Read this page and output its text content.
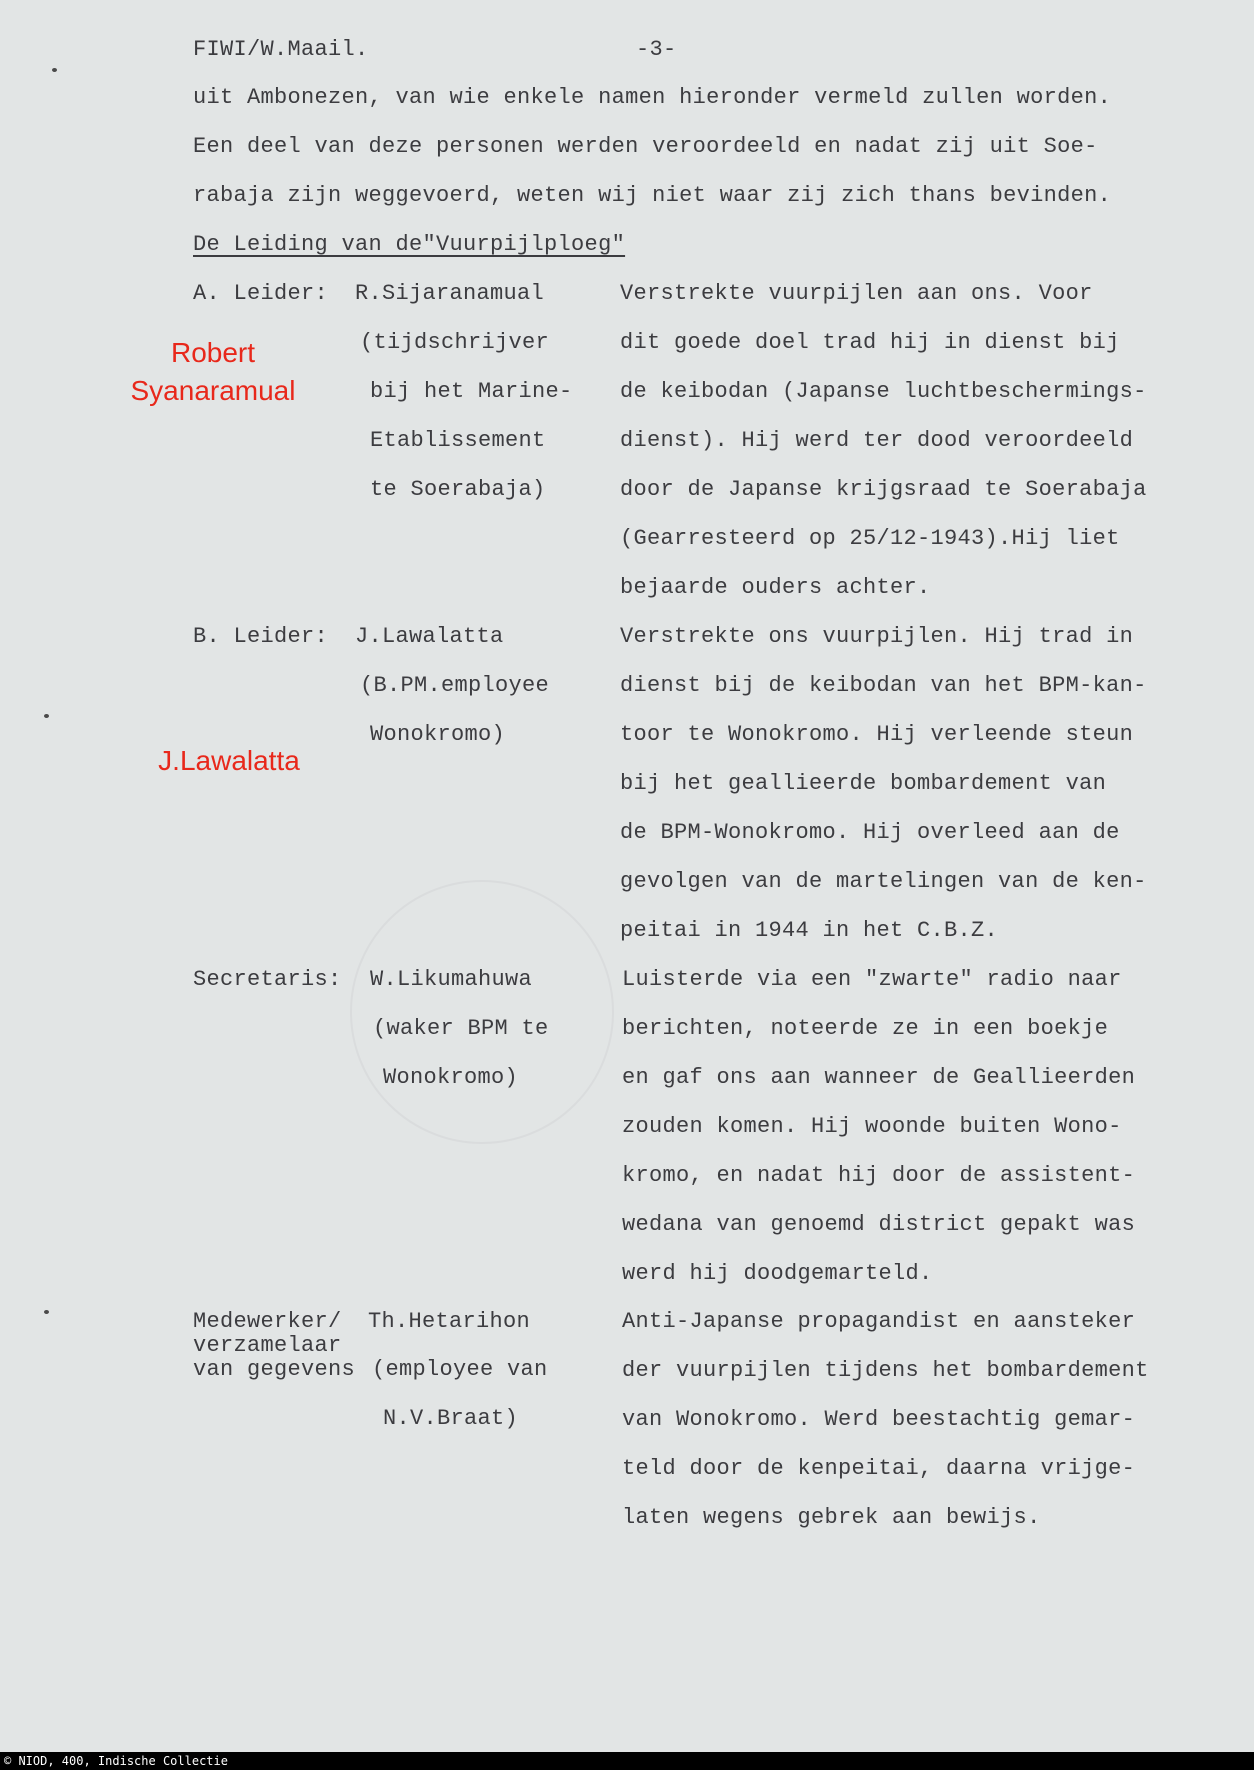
FIWI/W.Maail.	-3-

uit Ambonezen, van wie enkele namen hieronder vermeld zullen worden.

Een deel van deze personen werden veroordeeld en nadat zij uit Soe-

rabaja zijn weggevoerd, weten wij niet waar zij zich thans bevinden.

De Leiding van de"Vuurpijlploeg"

A. Leider: R.Sijaranamual

(tijdschrijver

bij het Marine-

Etablissement

te Soerabaja)

Verstrekte vuurpijlen aan ons. Voor

dit goede doel trad hij in dienst bij

de keibodan (Japanse luchtbeschermings-

dienst). Hij werd ter dood veroordeeld

door de Japanse krijgsraad te Soerabaja

(Gearresteerd op 25/12-1943).Hij liet

bejaarde ouders achter.

B. Leider: J.Lawalatta

(B.PM.employee

Wonokromo)

Verstrekte ons vuurpijlen. Hij trad in

dienst bij de keibodan van het BPM-kan-

toor te Wonokromo. Hij verleende steun

bij het geallieerde bombardement van

de BPM-Wonokromo. Hij overleed aan de

gevolgen van de martelingen van de ken-

peitai in 1944 in het C.B.Z.

Secretaris: W.Likumahuwa

(waker BPM te

Wonokromo)

Luisterde via een "zwarte" radio naar

berichten, noteerde ze in een boekje

en gaf ons aan wanneer de Geallieerden

zouden komen. Hij woonde buiten Wono-

kromo, en nadat hij door de assistent-

wedana van genoemd district gepakt was

werd hij doodgemarteld.

Medewerker/

verzamelaar

van gegevens

Th.Hetarihon

(employee van

N.V.Braat)

Anti-Japanse propagandist en aansteker

der vuurpijlen tijdens het bombardement

van Wonokromo. Werd beestachtig gemar-

teld door de kenpeitai, daarna vrijge-

laten wegens gebrek aan bewijs.

Robert
Syanaramual

J.Lawalatta

© NIOD, 400, Indische Collectie
